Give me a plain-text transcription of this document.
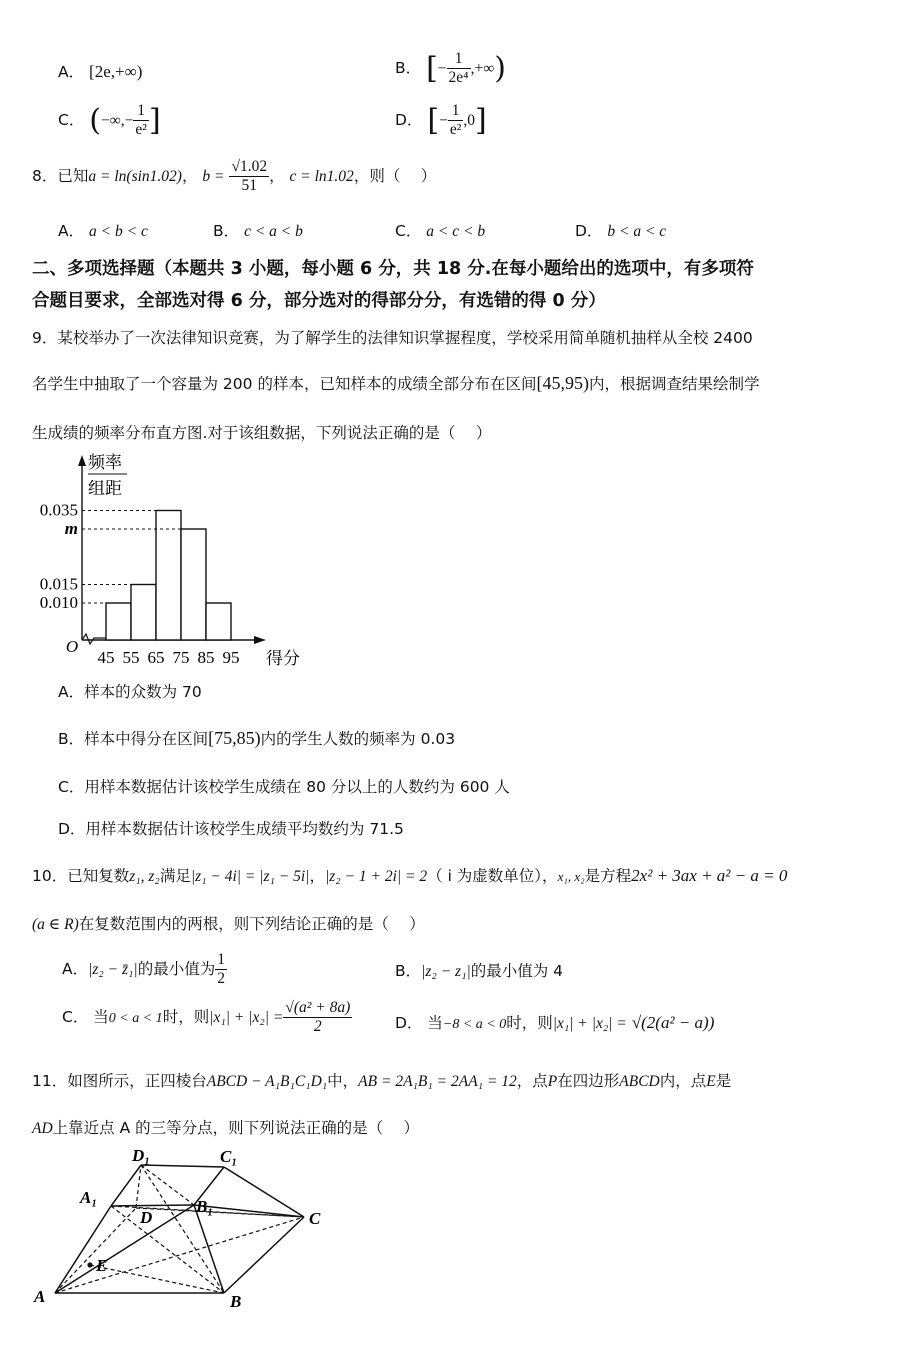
A． [2e,+∞)	B． [− $\frac{1}{\text{2e⁴}}$ ,+∞)
C． (−∞,− $\frac{1}{\text{e²}}$ ]	D． [− $\frac{1}{\text{e²}} ,0$]
8．已知a = ln(sin1.02)， $b = \frac{√1.02}{51}$ ， c = ln1.02，则（　 ）
A． a < b < c	B． c < a < b	C． a < c < b	D． b < a < c
二、多项选择题（本题共 3 小题，每小题 6 分，共 18 分.在每小题给出的选项中，有多项符
合题目要求，全部选对得 6 分，部分选对的得部分分，有选错的得 0 分）
9．某校举办了一次法律知识竞赛，为了解学生的法律知识掌握程度，学校采用简单随机抽样从全校 2400
名学生中抽取了一个容量为 200 的样本，已知样本的成绩全部分布在区间[45,95)内，根据调查结果绘制学
生成绩的频率分布直方图.对于该组数据，下列说法正确的是（　 ）
0.035
m
0.015
0.010
45 55 65 75 85 95
频率
组距
O
得分
A．样本的众数为 70
B．样本中得分在区间[75,85)内的学生人数的频率为 0.03
C．用样本数据估计该校学生成绩在 80 分以上的人数约为 600 人
D．用样本数据估计该校学生成绩平均数约为 71.5
10．已知复数z₁, z₂满足|z₁ − 4i| = |z₁ − 5i|，|z₂ − 1 + 2i| = 2（ i 为虚数单位），x₁, x₂是方程2x² + 3ax + a² − a = 0
(a ∈ R)在复数范围内的两根，则下列结论正确的是（　 ）
A．|z₂ − z̄₁|的最小值为 $\frac{1}{2}$	B．|z₂ − z₁|的最小值为 4
C． 当0 < a < 1时，则$|x_1| + |x_2| = \frac{\text{√(a² + 8a)}}{2}$	D． 当−8 < a < 0时，则|x₁| + |x₂| = √(2(a² − a))
11．如图所示，正四棱台ABCD − A₁B₁C₁D₁中，AB = 2A₁B₁ = 2AA₁ = 12，点P在四边形ABCD内，点E是
AD上靠近点 A 的三等分点，则下列说法正确的是（　 ）
D₁	C₁
A₁	B₁
D	C
E
A	B
